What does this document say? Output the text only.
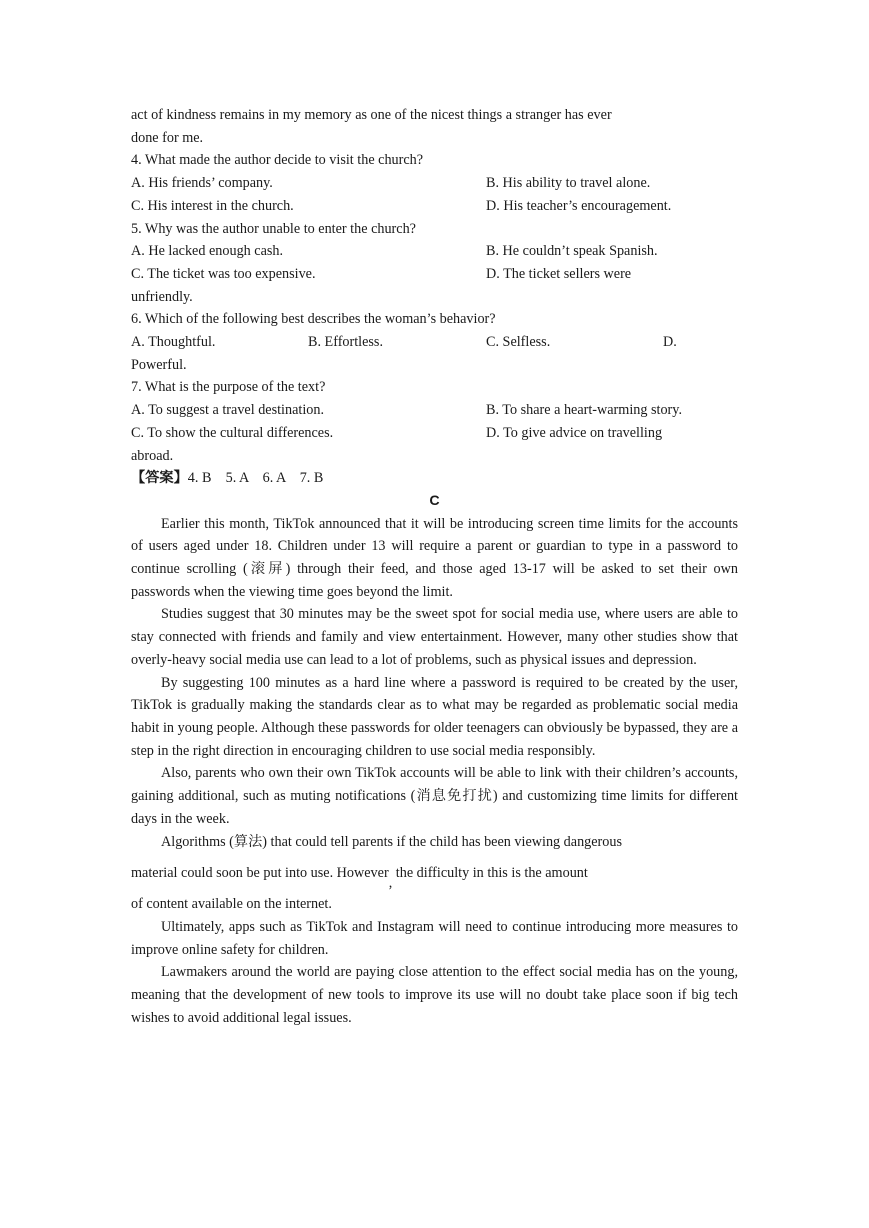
act of kindness remains in my memory as one of the nicest things a stranger has ever

done for me.

4. What made the author decide to visit the church?

A. His friends’ company.	B. His ability to travel alone.
C. His interest in the church.	D. His teacher’s encouragement.

5. Why was the author unable to enter the church?

A. He lacked enough cash.	B. He couldn’t speak Spanish.
C. The ticket was too expensive.	D. The ticket sellers were

unfriendly.

6. Which of the following best describes the woman’s behavior?

A. Thoughtful.	B. Effortless.	C. Selfless.	D.

Powerful.

7. What is the purpose of the text?

A. To suggest a travel destination.	B. To share a heart-warming story.
C. To show the cultural differences.	D. To give advice on travelling

abroad.

【答案】4. B    5. A    6. A    7. B

C

Earlier this month, TikTok announced that it will be introducing screen time limits for the accounts of users aged under 18. Children under 13 will require a parent or guardian to type in a password to continue scrolling (滚屏) through their feed, and those aged 13-17 will be asked to set their own passwords when the viewing time goes beyond the limit.

Studies suggest that 30 minutes may be the sweet spot for social media use, where users are able to stay connected with friends and family and view entertainment. However, many other studies show that overly-heavy social media use can lead to a lot of problems, such as physical issues and depression.

By suggesting 100 minutes as a hard line where a password is required to be created by the user, TikTok is gradually making the standards clear as to what may be regarded as problematic social media habit in young people. Although these passwords for older teenagers can obviously be bypassed, they are a step in the right direction in encouraging children to use social media responsibly.

Also, parents who own their own TikTok accounts will be able to link with their children’s accounts, gaining additional, such as muting notifications (消息免打扰) and customizing time limits for different days in the week.

Algorithms (算法) that could tell parents if the child has been viewing dangerous

material could soon be put into use. However, the difficulty in this is the amount

of content available on the internet.

Ultimately, apps such as TikTok and Instagram will need to continue introducing more measures to improve online safety for children.

Lawmakers around the world are paying close attention to the effect social media has on the young, meaning that the development of new tools to improve its use will no doubt take place soon if big tech wishes to avoid additional legal issues.
